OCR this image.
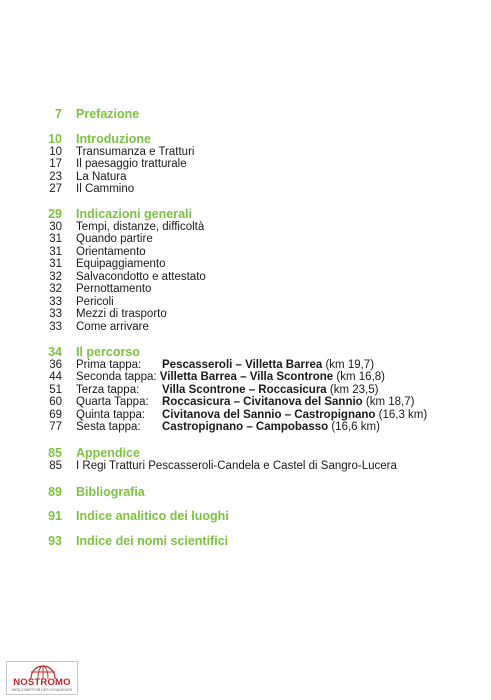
7 Prefazione
10 Introduzione
10 Transumanza e Tratturi
17 Il paesaggio tratturale
23 La Natura
27 Il Cammino
29 Indicazioni generali
30 Tempi, distanze, difficoltà
31 Quando partire
31 Orientamento
31 Equipaggiamento
32 Salvacondotto e attestato
32 Pernottamento
33 Pericoli
33 Mezzi di trasporto
33 Come arrivare
34 Il percorso
36 Prima tappa: Pescasseroli – Villetta Barrea (km 19,7)
44 Seconda tappa: Villetta Barrea – Villa Scontrone (km 16,8)
51 Terza tappa: Villa Scontrone – Roccasicura (km 23,5)
60 Quarta Tappa: Roccasicura – Civitanova del Sannio (km 18,7)
69 Quinta tappa: Civitanova del Sannio – Castropignano (16,3 km)
77 Sesta tappa: Castropignano – Campobasso (16,6 km)
85 Appendice
85 I Regi Tratturi Pescasseroli-Candela e Castel di Sangro-Lucera
89 Bibliografia
91 Indice analitico dei luoghi
93 Indice dei nomi scientifici
NOSTROMO
WEB COMPTOIR DES VOYAGEURS
